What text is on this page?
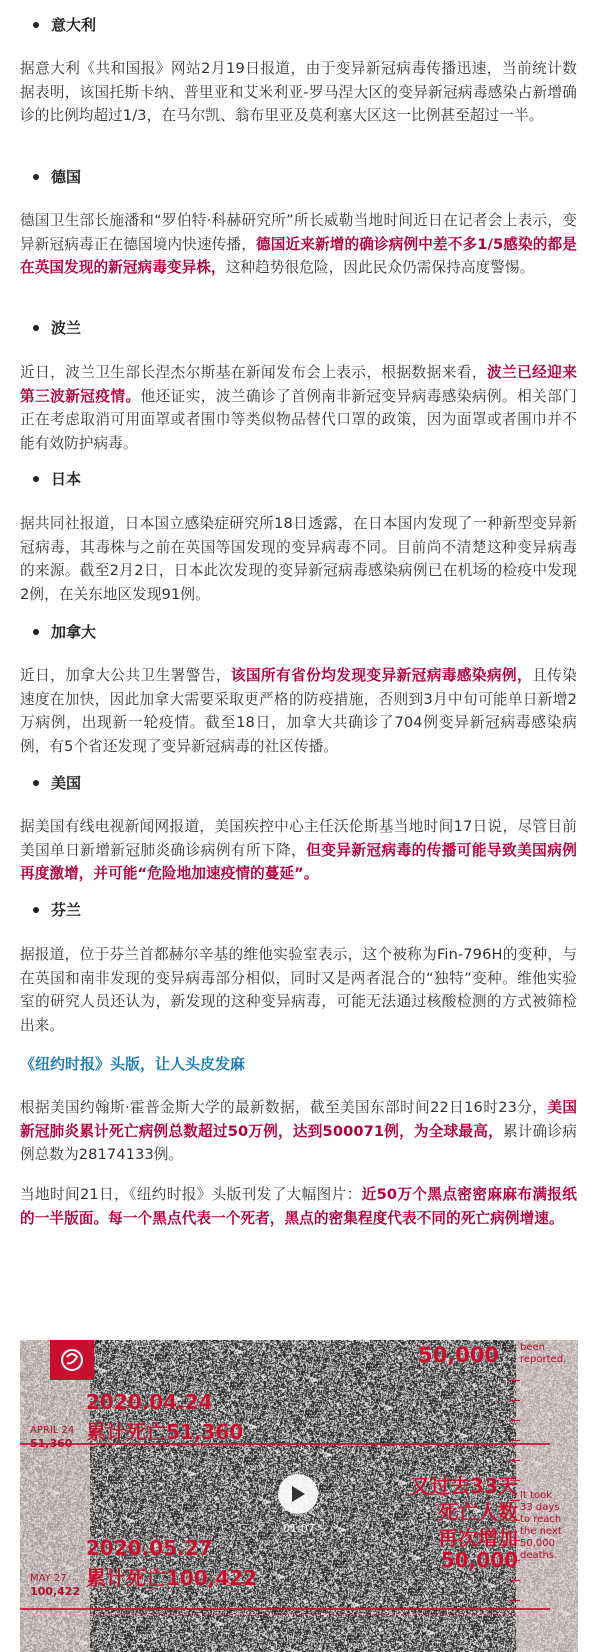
意大利

据意大利《共和国报》网站2月19日报道，由于变异新冠病毒传播迅速，当前统计数据表明，该国托斯卡纳、普里亚和艾米利亚-罗马涅大区的变异新冠病毒感染占新增确诊的比例均超过1/3，在马尔凯、翁布里亚及莫利塞大区这一比例甚至超过一半。

德国

德国卫生部长施潘和“罗伯特·科赫研究所”所长威勒当地时间近日在记者会上表示，变异新冠病毒正在德国境内快速传播，德国近来新增的确诊病例中差不多1/5感染的都是在英国发现的新冠病毒变异株，这种趋势很危险，因此民众仍需保持高度警惕。

波兰

近日，波兰卫生部长涅杰尔斯基在新闻发布会上表示，根据数据来看，波兰已经迎来第三波新冠疫情。他还证实，波兰确诊了首例南非新冠变异病毒感染病例。相关部门正在考虑取消可用面罩或者围巾等类似物品替代口罩的政策，因为面罩或者围巾并不能有效防护病毒。

日本

据共同社报道，日本国立感染症研究所18日透露，在日本国内发现了一种新型变异新冠病毒，其毒株与之前在英国等国发现的变异病毒不同。目前尚不清楚这种变异病毒的来源。截至2月2日，日本此次发现的变异新冠病毒感染病例已在机场的检疫中发现2例，在关东地区发现91例。

加拿大

近日，加拿大公共卫生署警告，该国所有省份均发现变异新冠病毒感染病例，且传染速度在加快，因此加拿大需要采取更严格的防疫措施，否则到3月中旬可能单日新增2万病例，出现新一轮疫情。截至18日，加拿大共确诊了704例变异新冠病毒感染病例，有5个省还发现了变异新冠病毒的社区传播。

美国

据美国有线电视新闻网报道，美国疾控中心主任沃伦斯基当地时间17日说，尽管目前美国单日新增新冠肺炎确诊病例有所下降，但变异新冠病毒的传播可能导致美国病例再度激增，并可能“危险地加速疫情的蔓延”。

芬兰

据报道，位于芬兰首都赫尔辛基的维他实验室表示，这个被称为Fin-796H的变种，与在英国和南非发现的变异病毒部分相似，同时又是两者混合的“独特”变种。维他实验室的研究人员还认为，新发现的这种变异病毒，可能无法通过核酸检测的方式被筛检出来。

《纽约时报》头版，让人头皮发麻

根据美国约翰斯·霍普金斯大学的最新数据，截至美国东部时间22日16时23分，美国新冠肺炎累计死亡病例总数超过50万例，达到500071例，为全球最高，累计确诊病例总数为28174133例。

当地时间21日，《纽约时报》头版刊发了大幅图片：近50万个黑点密密麻麻布满报纸的一半版面。每一个黑点代表一个死者，黑点的密集程度代表不同的死亡病例增速。

50,000 been
reported.
2020.04.24
累计死亡51,360
APRIL 24
51,360
又过去33天
死亡人数
再次增加
50,000
It took
33 days
to reach
the next
50,000
deaths.
2020.05.27
累计死亡100,422
MAY 27
100,422
01:07
